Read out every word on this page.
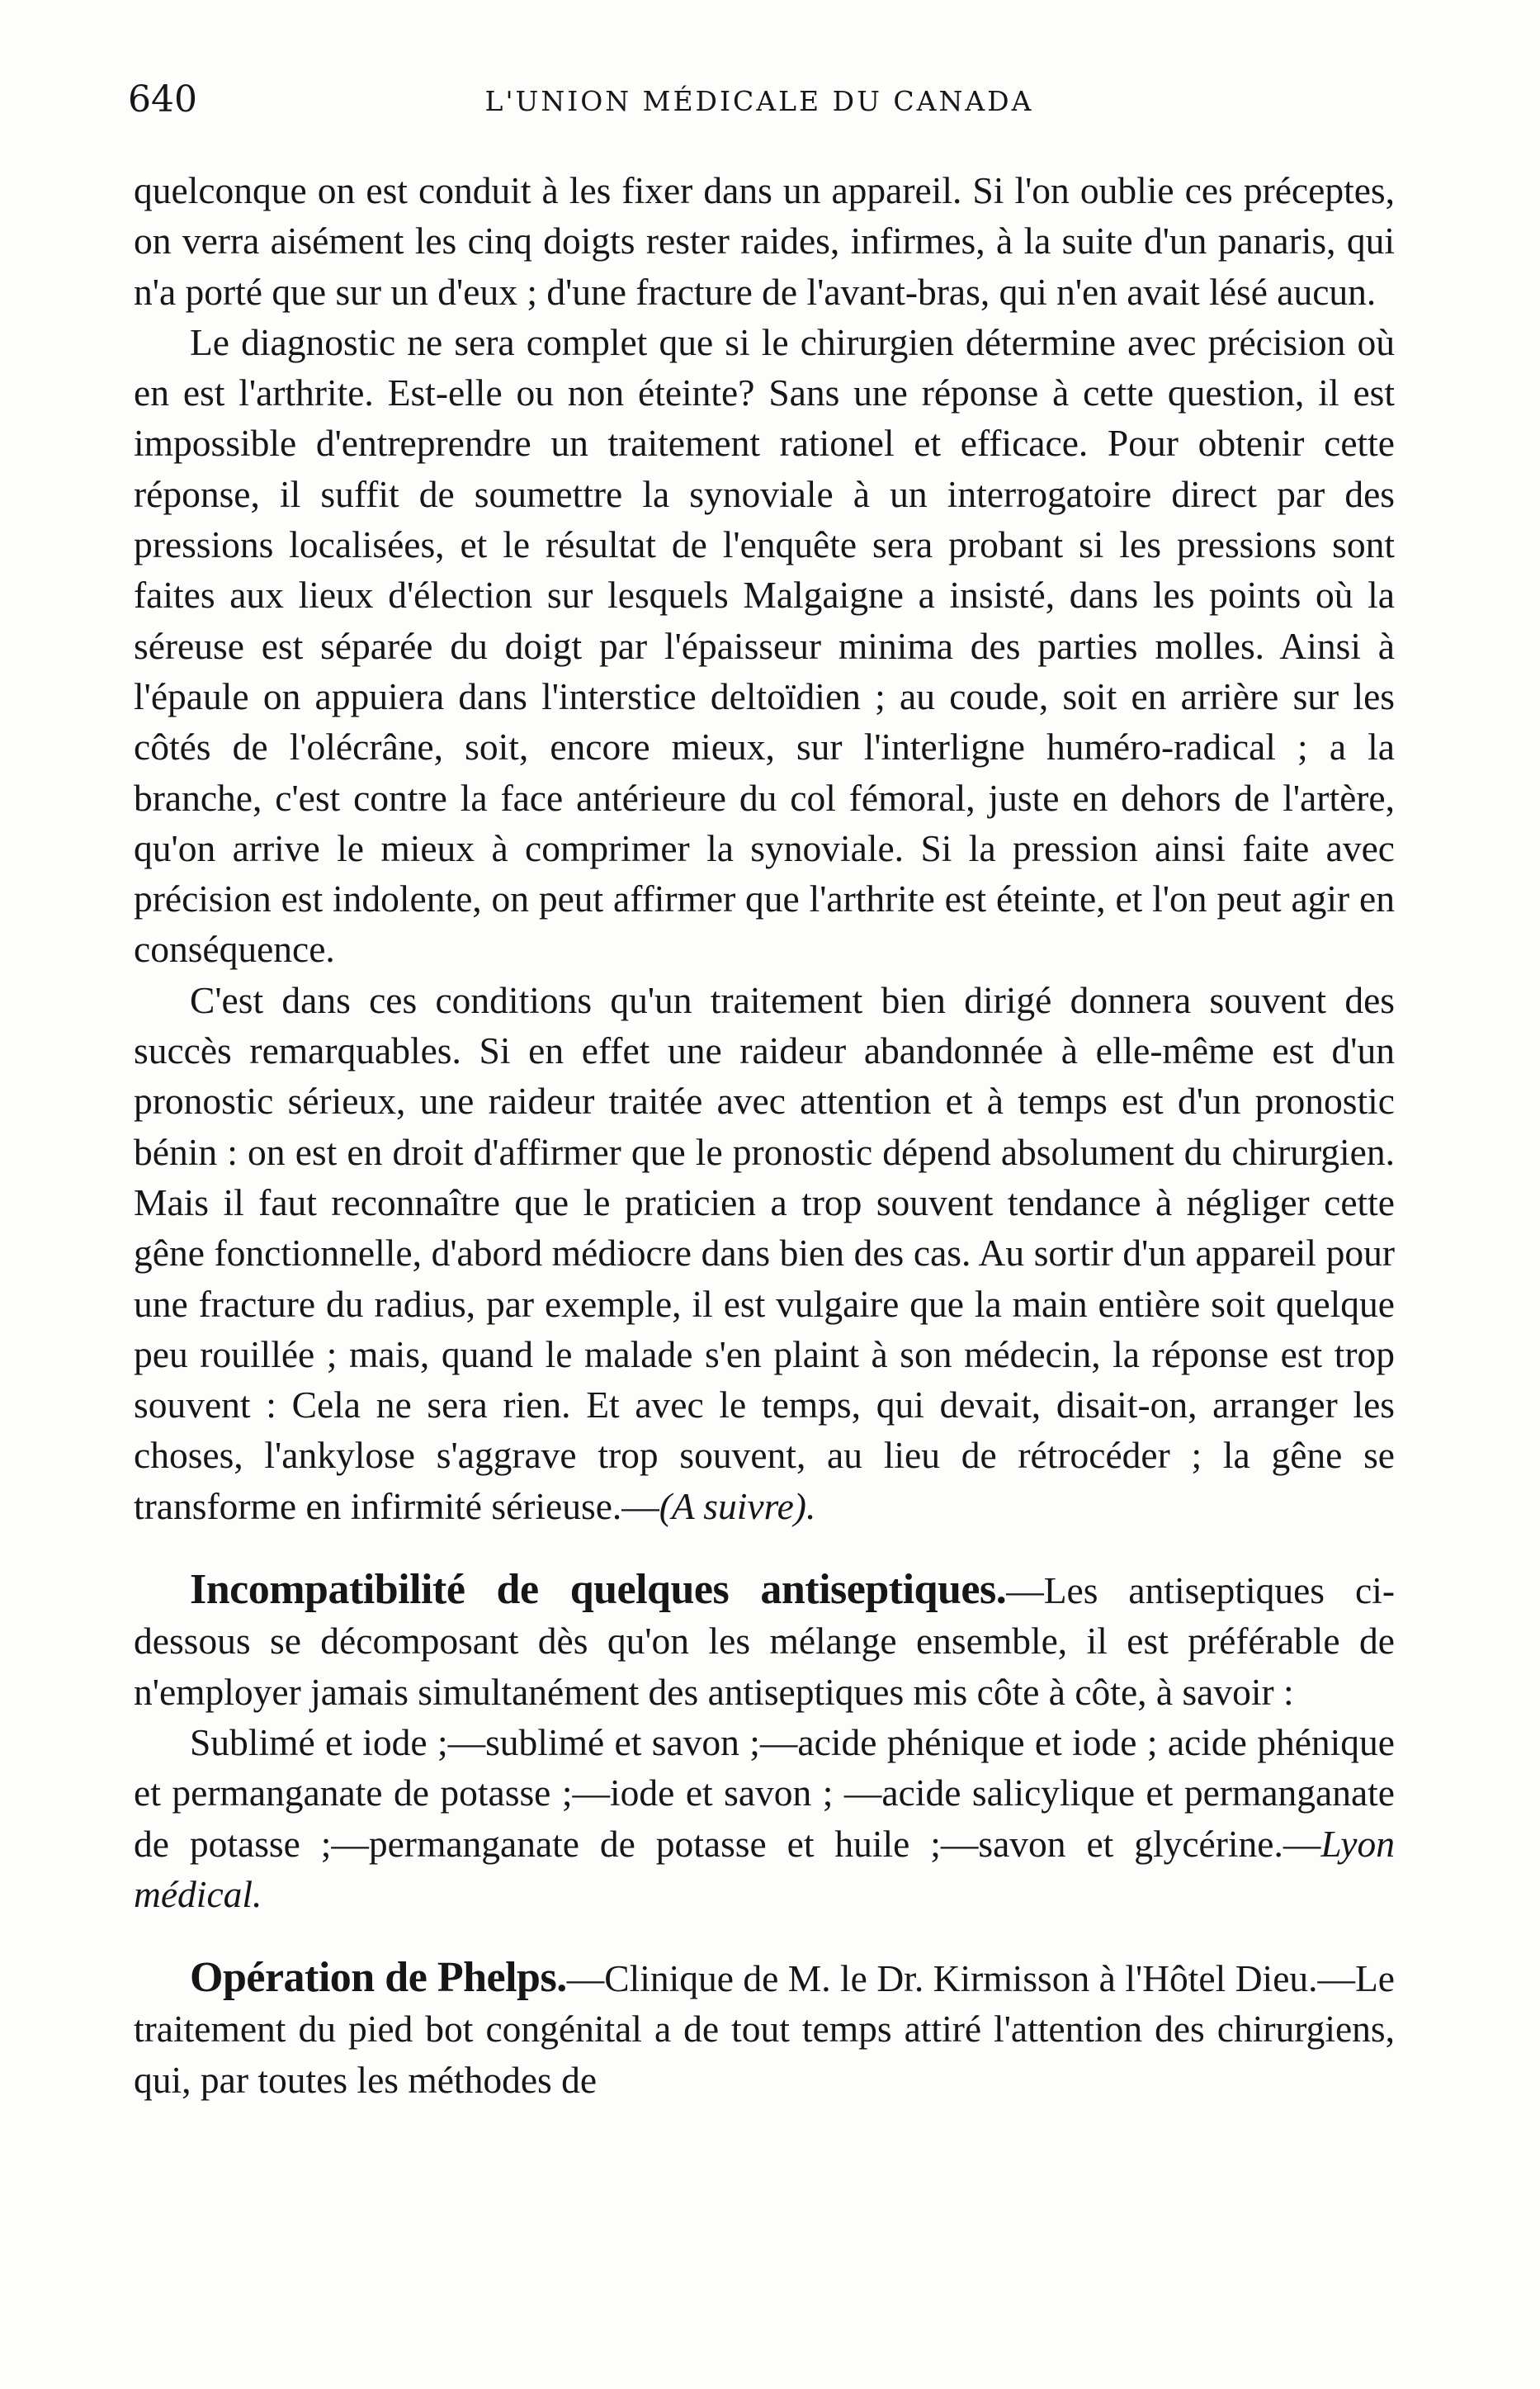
640	L'UNION MÉDICALE DU CANADA

quelconque on est conduit à les fixer dans un appareil. Si l'on oublie ces préceptes, on verra aisément les cinq doigts rester raides, infirmes, à la suite d'un panaris, qui n'a porté que sur un d'eux ; d'une fracture de l'avant-bras, qui n'en avait lésé aucun.

Le diagnostic ne sera complet que si le chirurgien détermine avec précision où en est l'arthrite. Est-elle ou non éteinte? Sans une réponse à cette question, il est impossible d'entreprendre un traitement rationel et efficace. Pour obtenir cette réponse, il suffit de soumettre la synoviale à un interrogatoire direct par des pressions localisées, et le résultat de l'enquête sera probant si les pressions sont faites aux lieux d'élection sur lesquels Malgaigne a insisté, dans les points où la séreuse est séparée du doigt par l'épaisseur minima des parties molles. Ainsi à l'épaule on appuiera dans l'interstice deltoïdien ; au coude, soit en arrière sur les côtés de l'olécrâne, soit, encore mieux, sur l'interligne huméro-radical ; a la branche, c'est contre la face antérieure du col fémoral, juste en dehors de l'artère, qu'on arrive le mieux à comprimer la synoviale. Si la pression ainsi faite avec précision est indolente, on peut affirmer que l'arthrite est éteinte, et l'on peut agir en conséquence.

C'est dans ces conditions qu'un traitement bien dirigé donnera souvent des succès remarquables. Si en effet une raideur abandonnée à elle-même est d'un pronostic sérieux, une raideur traitée avec attention et à temps est d'un pronostic bénin : on est en droit d'affirmer que le pronostic dépend absolument du chirurgien. Mais il faut reconnaître que le praticien a trop souvent tendance à négliger cette gêne fonctionnelle, d'abord médiocre dans bien des cas. Au sortir d'un appareil pour une fracture du radius, par exemple, il est vulgaire que la main entière soit quelque peu rouillée ; mais, quand le malade s'en plaint à son médecin, la réponse est trop souvent : Cela ne sera rien. Et avec le temps, qui devait, disait-on, arranger les choses, l'ankylose s'aggrave trop souvent, au lieu de rétrocéder ; la gêne se transforme en infirmité sérieuse.—(A suivre).

Incompatibilité de quelques antiseptiques.—Les antiseptiques ci-dessous se décomposant dès qu'on les mélange ensemble, il est préférable de n'employer jamais simultanément des antiseptiques mis côte à côte, à savoir :

Sublimé et iode ;—sublimé et savon ;—acide phénique et iode ; acide phénique et permanganate de potasse ;—iode et savon ; —acide salicylique et permanganate de potasse ;—permanganate de potasse et huile ;—savon et glycérine.—Lyon médical.

Opération de Phelps.—Clinique de M. le Dr. Kirmisson à l'Hôtel Dieu.—Le traitement du pied bot congénital a de tout temps attiré l'attention des chirurgiens, qui, par toutes les méthodes de
